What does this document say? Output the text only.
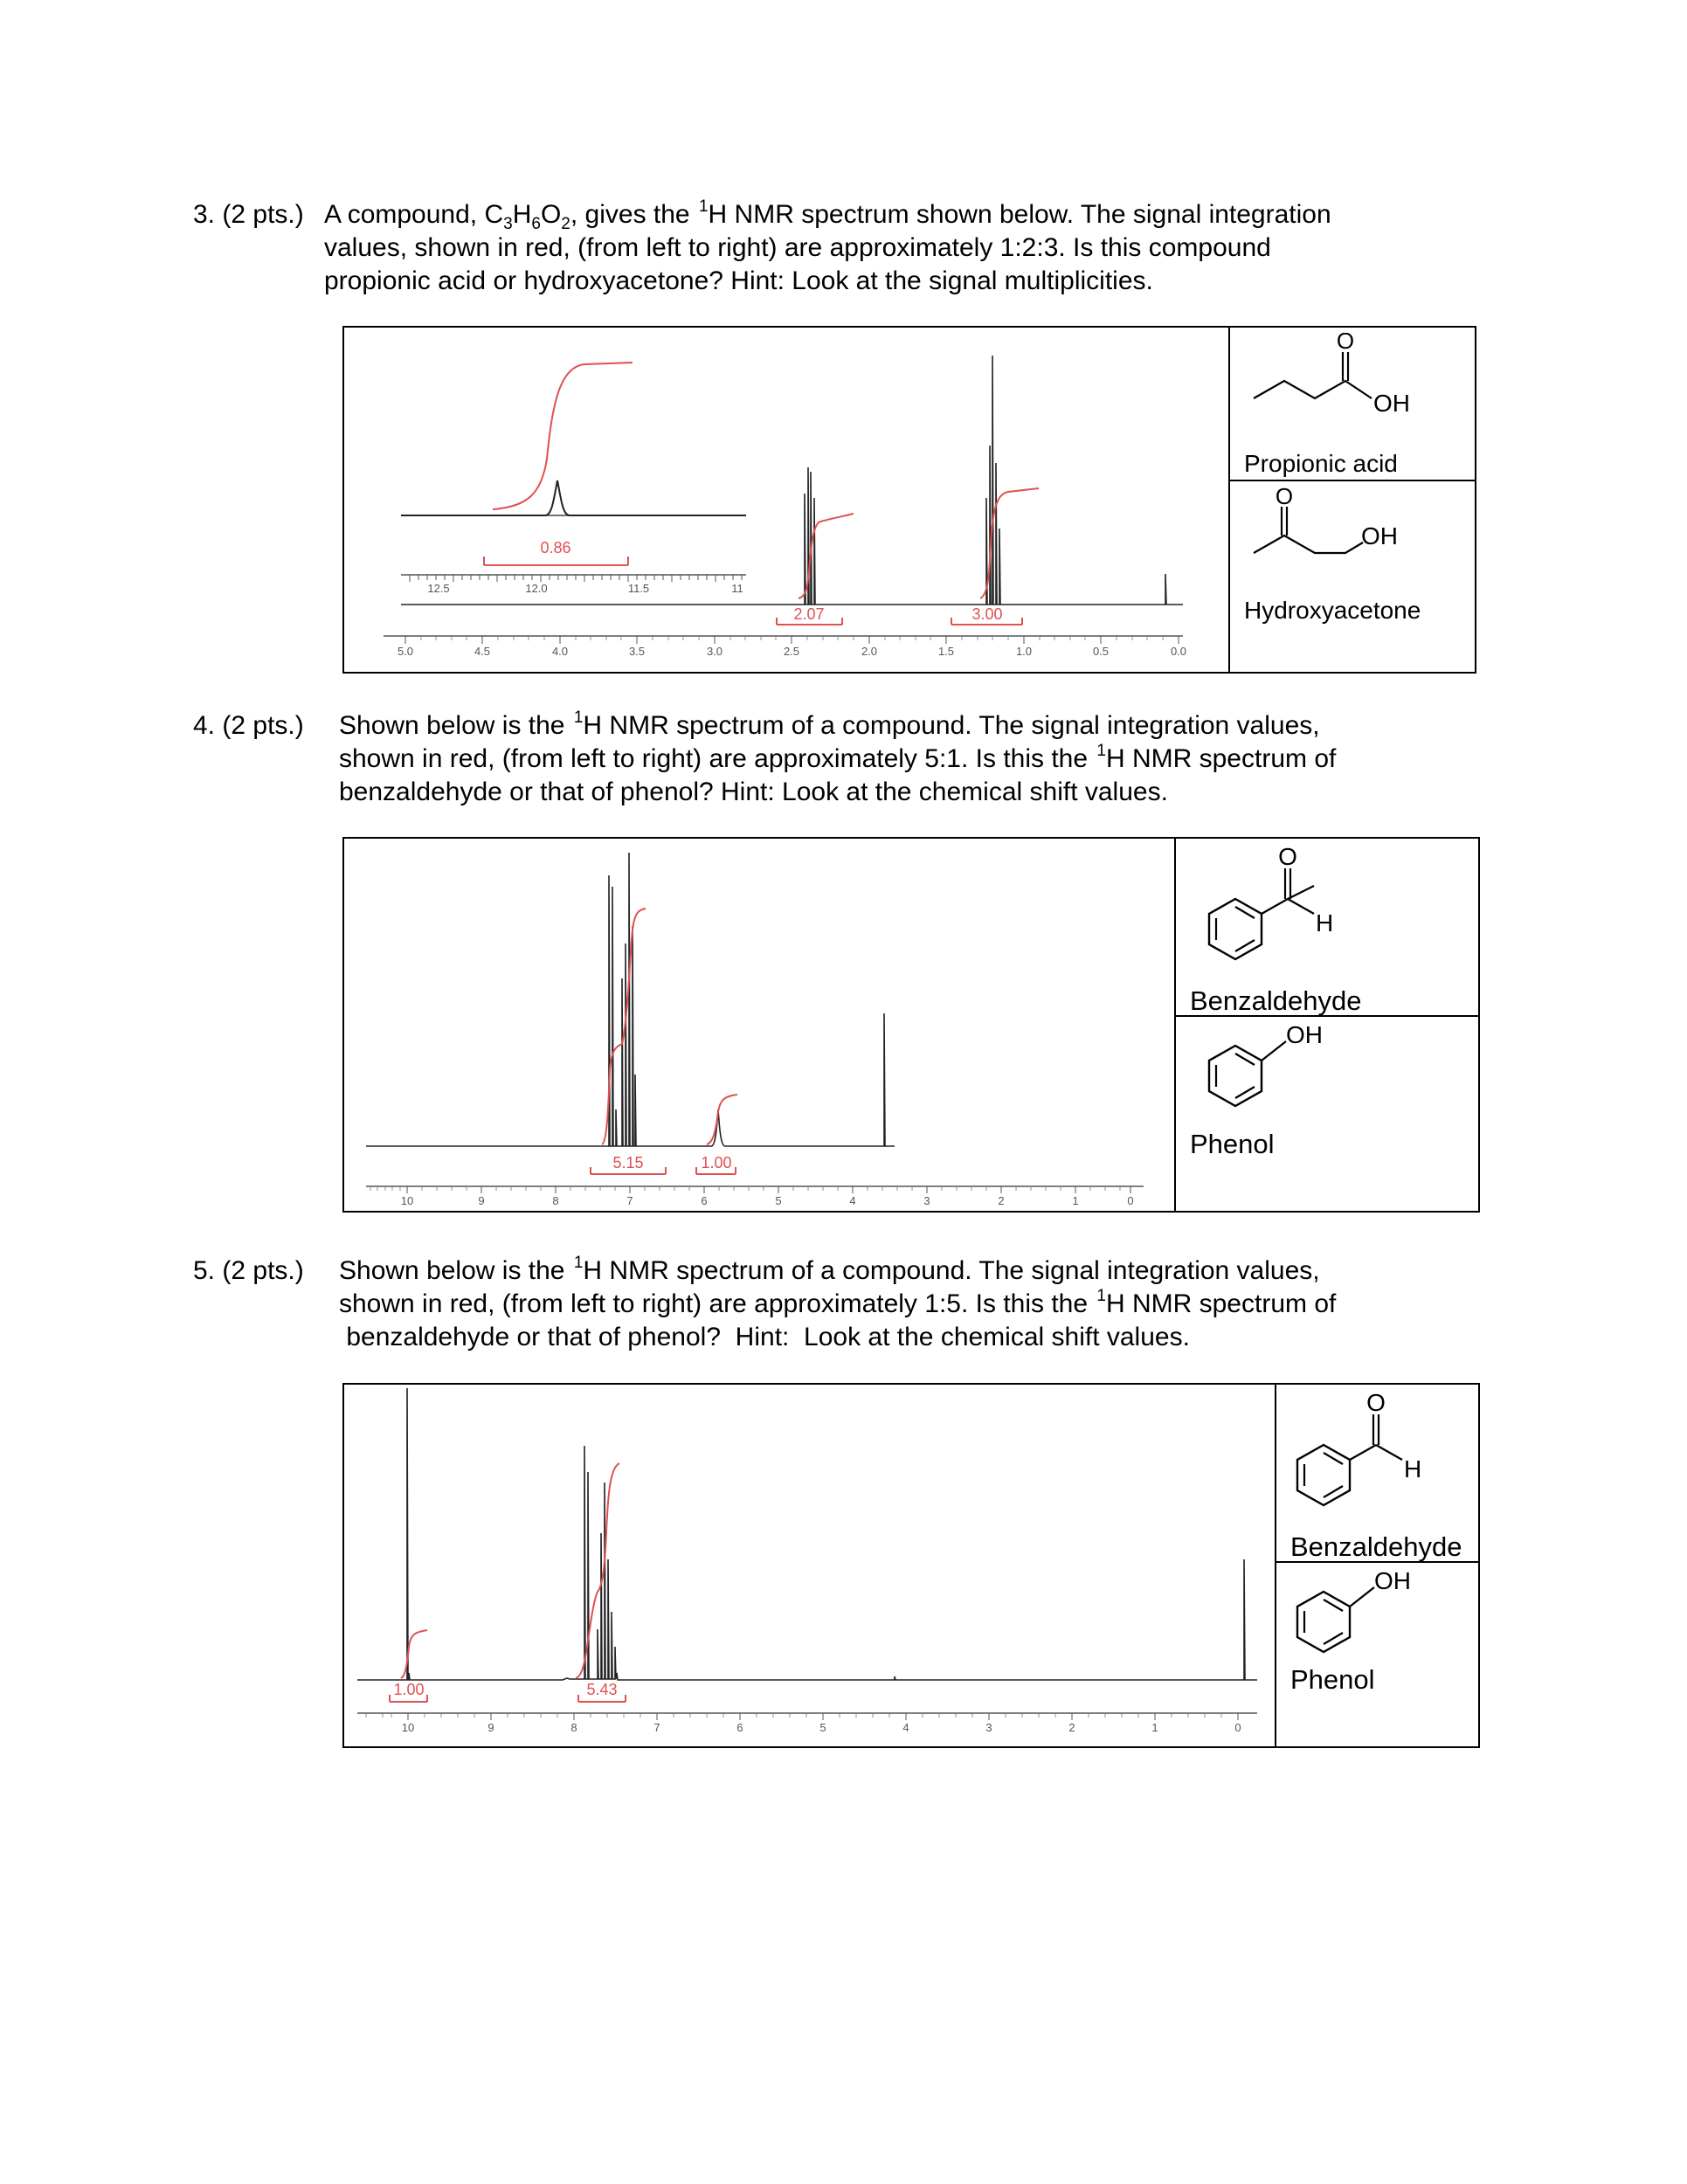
3. (2 pts.) A compound, $C_3H_6O_2$, gives the $^1$H NMR spectrum shown below. The signal integration
values, shown in red, (from left to right) are approximately 1:2:3. Is this compound
propionic acid or hydroxyacetone? Hint: Look at the signal multiplicities.
0.86
12.5	12.0	11.5	11
2.07	3.00
5.0	4.5	4.0	3.5	3.0	2.5	2.0	1.5	1.0	0.5	0.0
O
OH
Propionic acid
O
OH
Hydroxyacetone
4. (2 pts.) Shown below is the $^1$H NMR spectrum of a compound. The signal integration values,
shown in red, (from left to right) are approximately 5:1. Is this the $^1$H NMR spectrum of
benzaldehyde or that of phenol? Hint: Look at the chemical shift values.
5.15	1.00
10	9	8	7	6	5	4	3	2	1	0
O
H
Benzaldehyde
OH
Phenol
5. (2 pts.) Shown below is the $^1$H NMR spectrum of a compound. The signal integration values,
shown in red, (from left to right) are approximately 1:5. Is this the $^1$H NMR spectrum of
benzaldehyde or that of phenol?  Hint:  Look at the chemical shift values.
1.00	5.43
10	9	8	7	6	5	4	3	2	1	0
O
H
Benzaldehyde
OH
Phenol
